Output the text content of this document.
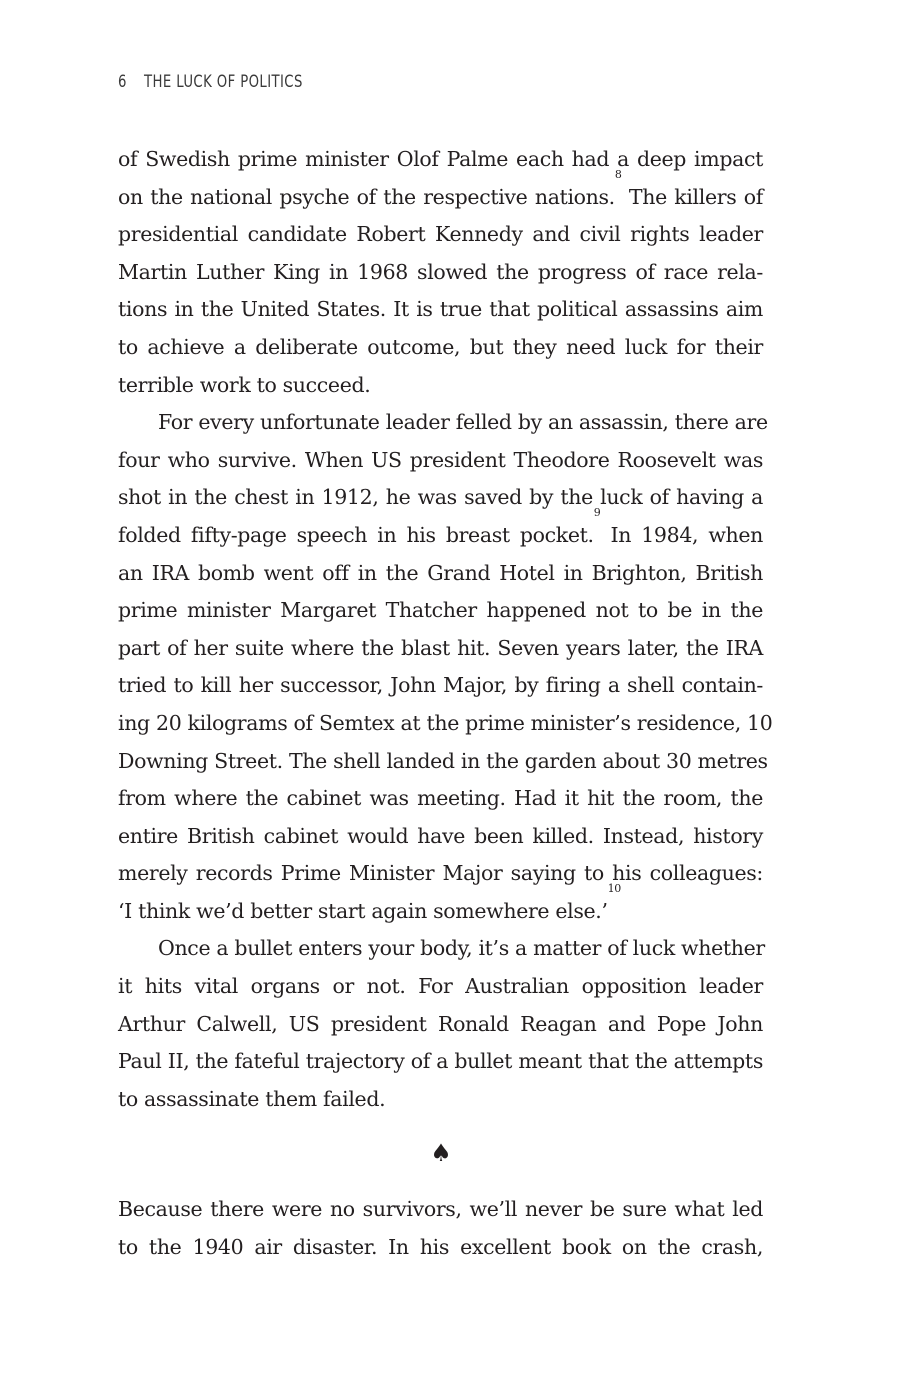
6 THE LUCK OF POLITICS
of Swedish prime minister Olof Palme each had a deep impact
on the national psyche of the respective nations.$^8$ The killers of
presidential candidate Robert Kennedy and civil rights leader
Martin Luther King in 1968 slowed the progress of race rela-
tions in the United States. It is true that political assassins aim
to achieve a deliberate outcome, but they need luck for their
terrible work to succeed.
For every unfortunate leader felled by an assassin, there are
four who survive. When US president Theodore Roosevelt was
shot in the chest in 1912, he was saved by the luck of having a
folded fifty-page speech in his breast pocket.$^9$ In 1984, when
an IRA bomb went off in the Grand Hotel in Brighton, British
prime minister Margaret Thatcher happened not to be in the
part of her suite where the blast hit. Seven years later, the IRA
tried to kill her successor, John Major, by firing a shell contain-
ing 20 kilograms of Semtex at the prime minister’s residence, 10
Downing Street. The shell landed in the garden about 30 metres
from where the cabinet was meeting. Had it hit the room, the
entire British cabinet would have been killed. Instead, history
merely records Prime Minister Major saying to his colleagues:
‘I think we’d better start again somewhere else.’$^{10}$
Once a bullet enters your body, it’s a matter of luck whether
it hits vital organs or not. For Australian opposition leader
Arthur Calwell, US president Ronald Reagan and Pope John
Paul II, the fateful trajectory of a bullet meant that the attempts
to assassinate them failed.
♠
Because there were no survivors, we’ll never be sure what led
to the 1940 air disaster. In his excellent book on the crash,
